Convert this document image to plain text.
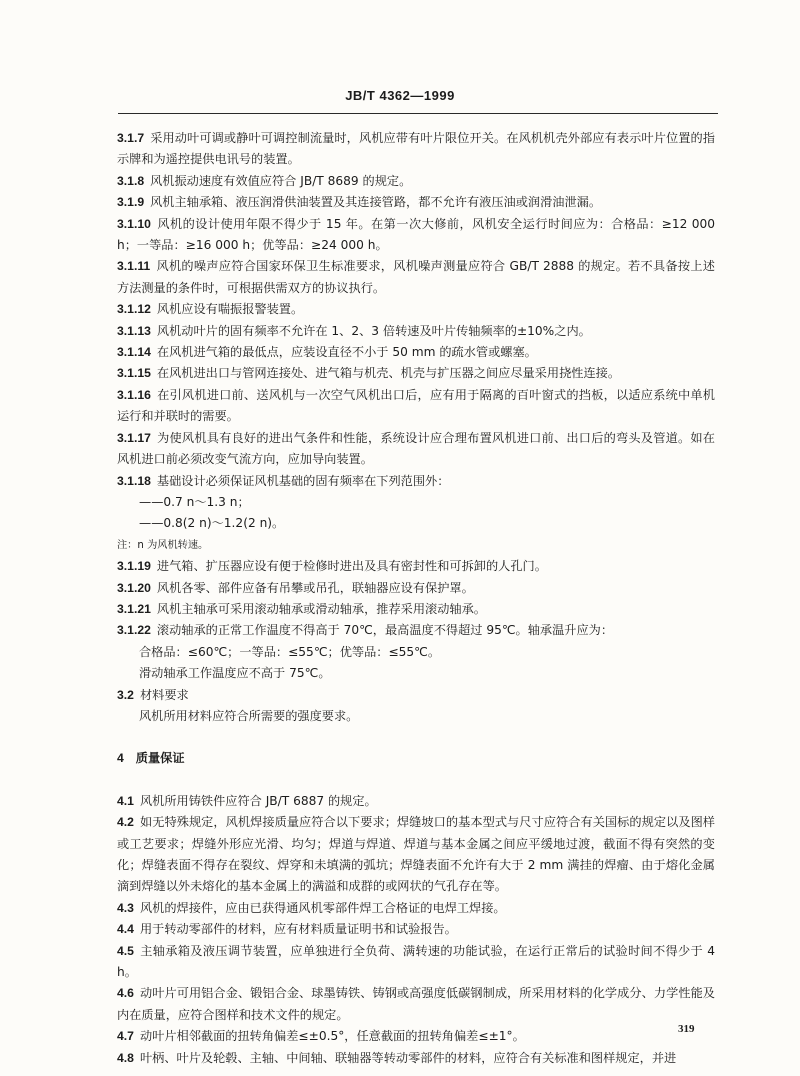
JB/T 4362—1999

3.1.7 采用动叶可调或静叶可调控制流量时，风机应带有叶片限位开关。在风机机壳外部应有表示叶片位置的指示牌和为遥控提供电讯号的装置。

3.1.8 风机振动速度有效值应符合 JB/T 8689 的规定。

3.1.9 风机主轴承箱、液压润滑供油装置及其连接管路，都不允许有液压油或润滑油泄漏。

3.1.10 风机的设计使用年限不得少于 15 年。在第一次大修前，风机安全运行时间应为：合格品：≥12 000 h；一等品：≥16 000 h；优等品：≥24 000 h。

3.1.11 风机的噪声应符合国家环保卫生标准要求，风机噪声测量应符合 GB/T 2888 的规定。若不具备按上述方法测量的条件时，可根据供需双方的协议执行。

3.1.12 风机应设有喘振报警装置。

3.1.13 风机动叶片的固有频率不允许在 1、2、3 倍转速及叶片传轴频率的±10%之内。

3.1.14 在风机进气箱的最低点，应装设直径不小于 50 mm 的疏水管或螺塞。

3.1.15 在风机进出口与管网连接处、进气箱与机壳、机壳与扩压器之间应尽量采用挠性连接。

3.1.16 在引风机进口前、送风机与一次空气风机出口后，应有用于隔离的百叶窗式的挡板，以适应系统中单机运行和并联时的需要。

3.1.17 为使风机具有良好的进出气条件和性能，系统设计应合理布置风机进口前、出口后的弯头及管道。如在风机进口前必须改变气流方向，应加导向装置。

3.1.18 基础设计必须保证风机基础的固有频率在下列范围外：

——0.7 n～1.3 n；

——0.8(2 n)～1.2(2 n)。

注：n 为风机转速。

3.1.19 进气箱、扩压器应设有便于检修时进出及具有密封性和可拆卸的人孔门。

3.1.20 风机各零、部件应备有吊攀或吊孔，联轴器应设有保护罩。

3.1.21 风机主轴承可采用滚动轴承或滑动轴承，推荐采用滚动轴承。

3.1.22 滚动轴承的正常工作温度不得高于 70℃，最高温度不得超过 95℃。轴承温升应为：

合格品：≤60℃；一等品：≤55℃；优等品：≤55℃。

滑动轴承工作温度应不高于 75℃。

3.2 材料要求

风机所用材料应符合所需要的强度要求。

4 质量保证

4.1 风机所用铸铁件应符合 JB/T 6887 的规定。

4.2 如无特殊规定，风机焊接质量应符合以下要求；焊缝坡口的基本型式与尺寸应符合有关国标的规定以及图样或工艺要求；焊缝外形应光滑、均匀；焊道与焊道、焊道与基本金属之间应平缓地过渡，截面不得有突然的变化；焊缝表面不得存在裂纹、焊穿和未填满的弧坑；焊缝表面不允许有大于 2 mm 满挂的焊瘤、由于熔化金属滴到焊缝以外未熔化的基本金属上的满溢和成群的或网状的气孔存在等。

4.3 风机的焊接件，应由已获得通风机零部件焊工合格证的电焊工焊接。

4.4 用于转动零部件的材料，应有材料质量证明书和试验报告。

4.5 主轴承箱及液压调节装置，应单独进行全负荷、满转速的功能试验，在运行正常后的试验时间不得少于 4 h。

4.6 动叶片可用铝合金、锻铝合金、球墨铸铁、铸钢或高强度低碳钢制成，所采用材料的化学成分、力学性能及内在质量，应符合图样和技术文件的规定。

4.7 动叶片相邻截面的扭转角偏差≤±0.5°，任意截面的扭转角偏差≤±1°。

4.8 叶柄、叶片及轮毂、主轴、中间轴、联轴器等转动零部件的材料，应符合有关标准和图样规定，并进

319
